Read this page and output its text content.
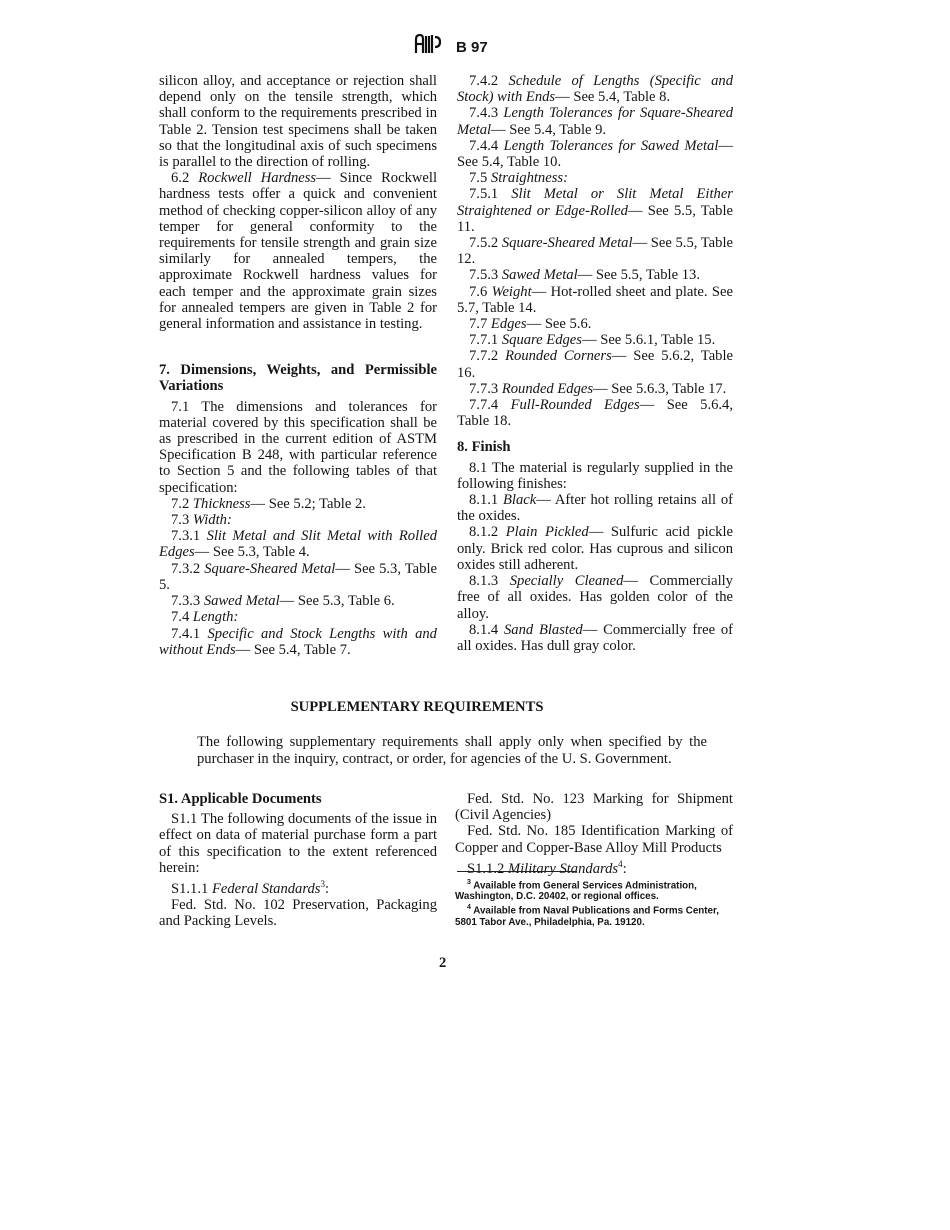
B 97

silicon alloy, and acceptance or rejection shall depend only on the tensile strength, which shall conform to the requirements prescribed in Table 2. Tension test specimens shall be taken so that the longitudinal axis of such specimens is parallel to the direction of rolling.

6.2 Rockwell Hardness— Since Rockwell hardness tests offer a quick and convenient method of checking copper-silicon alloy of any temper for general conformity to the requirements for tensile strength and grain size similarly for annealed tempers, the approximate Rockwell hardness values for each temper and the approximate grain sizes for annealed tempers are given in Table 2 for general information and assistance in testing.

7. Dimensions, Weights, and Permissible Variations

7.1 The dimensions and tolerances for material covered by this specification shall be as prescribed in the current edition of ASTM Specification B 248, with particular reference to Section 5 and the following tables of that specification:

7.2 Thickness— See 5.2; Table 2.

7.3 Width:

7.3.1 Slit Metal and Slit Metal with Rolled Edges— See 5.3, Table 4.

7.3.2 Square-Sheared Metal— See 5.3, Table 5.

7.3.3 Sawed Metal— See 5.3, Table 6.

7.4 Length:

7.4.1 Specific and Stock Lengths with and without Ends— See 5.4, Table 7.

7.4.2 Schedule of Lengths (Specific and Stock) with Ends— See 5.4, Table 8.

7.4.3 Length Tolerances for Square-Sheared Metal— See 5.4, Table 9.

7.4.4 Length Tolerances for Sawed Metal— See 5.4, Table 10.

7.5 Straightness:

7.5.1 Slit Metal or Slit Metal Either Straightened or Edge-Rolled— See 5.5, Table 11.

7.5.2 Square-Sheared Metal— See 5.5, Table 12.

7.5.3 Sawed Metal— See 5.5, Table 13.

7.6 Weight— Hot-rolled sheet and plate. See 5.7, Table 14.

7.7 Edges— See 5.6.

7.7.1 Square Edges— See 5.6.1, Table 15.

7.7.2 Rounded Corners— See 5.6.2, Table 16.

7.7.3 Rounded Edges— See 5.6.3, Table 17.

7.7.4 Full-Rounded Edges— See 5.6.4, Table 18.

8. Finish

8.1 The material is regularly supplied in the following finishes:

8.1.1 Black— After hot rolling retains all of the oxides.

8.1.2 Plain Pickled— Sulfuric acid pickle only. Brick red color. Has cuprous and silicon oxides still adherent.

8.1.3 Specially Cleaned— Commercially free of all oxides. Has golden color of the alloy.

8.1.4 Sand Blasted— Commercially free of all oxides. Has dull gray color.

SUPPLEMENTARY REQUIREMENTS
The following supplementary requirements shall apply only when specified by the purchaser in the inquiry, contract, or order, for agencies of the U. S. Government.

S1. Applicable Documents

S1.1 The following documents of the issue in effect on data of material purchase form a part of this specification to the extent referenced herein:

S1.1.1 Federal Standards$^3$:

Fed. Std. No. 102 Preservation, Packaging and Packing Levels.

Fed. Std. No. 123 Marking for Shipment (Civil Agencies)

Fed. Std. No. 185 Identification Marking of Copper and Copper-Base Alloy Mill Products

S1.1.2 Military Standards$^4$:

$^3$ Available from General Services Administration, Washington, D.C. 20402, or regional offices.

$^4$ Available from Naval Publications and Forms Center, 5801 Tabor Ave., Philadelphia, Pa. 19120.

2
